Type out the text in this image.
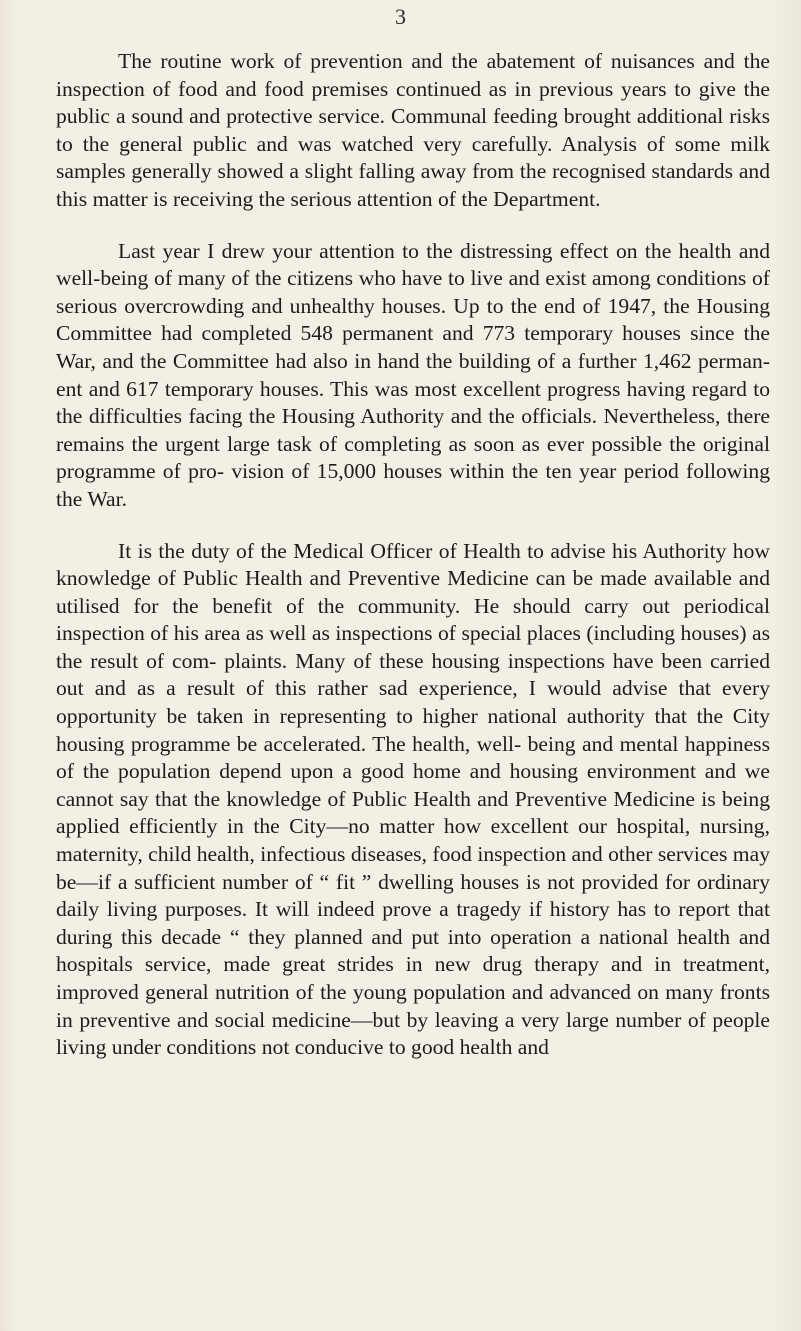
3

The routine work of prevention and the abatement of nuisances and the inspection of food and food premises continued as in previous years to give the public a sound and protective service. Communal feeding brought additional risks to the general public and was watched very carefully. Analysis of some milk samples generally showed a slight falling away from the recognised standards and this matter is receiving the serious attention of the Department.

Last year I drew your attention to the distressing effect on the health and well-being of many of the citizens who have to live and exist among conditions of serious overcrowding and unhealthy houses. Up to the end of 1947, the Housing Committee had completed 548 permanent and 773 temporary houses since the War, and the Committee had also in hand the building of a further 1,462 perman- ent and 617 temporary houses. This was most excellent progress having regard to the difficulties facing the Housing Authority and the officials. Nevertheless, there remains the urgent large task of completing as soon as ever possible the original programme of pro- vision of 15,000 houses within the ten year period following the War.

It is the duty of the Medical Officer of Health to advise his Authority how knowledge of Public Health and Preventive Medicine can be made available and utilised for the benefit of the community. He should carry out periodical inspection of his area as well as inspections of special places (including houses) as the result of com- plaints. Many of these housing inspections have been carried out and as a result of this rather sad experience, I would advise that every opportunity be taken in representing to higher national authority that the City housing programme be accelerated. The health, well- being and mental happiness of the population depend upon a good home and housing environment and we cannot say that the knowledge of Public Health and Preventive Medicine is being applied efficiently in the City—no matter how excellent our hospital, nursing, maternity, child health, infectious diseases, food inspection and other services may be—if a sufficient number of “ fit ” dwelling houses is not provided for ordinary daily living purposes. It will indeed prove a tragedy if history has to report that during this decade “ they planned and put into operation a national health and hospitals service, made great strides in new drug therapy and in treatment, improved general nutrition of the young population and advanced on many fronts in preventive and social medicine—but by leaving a very large number of people living under conditions not conducive to good health and
